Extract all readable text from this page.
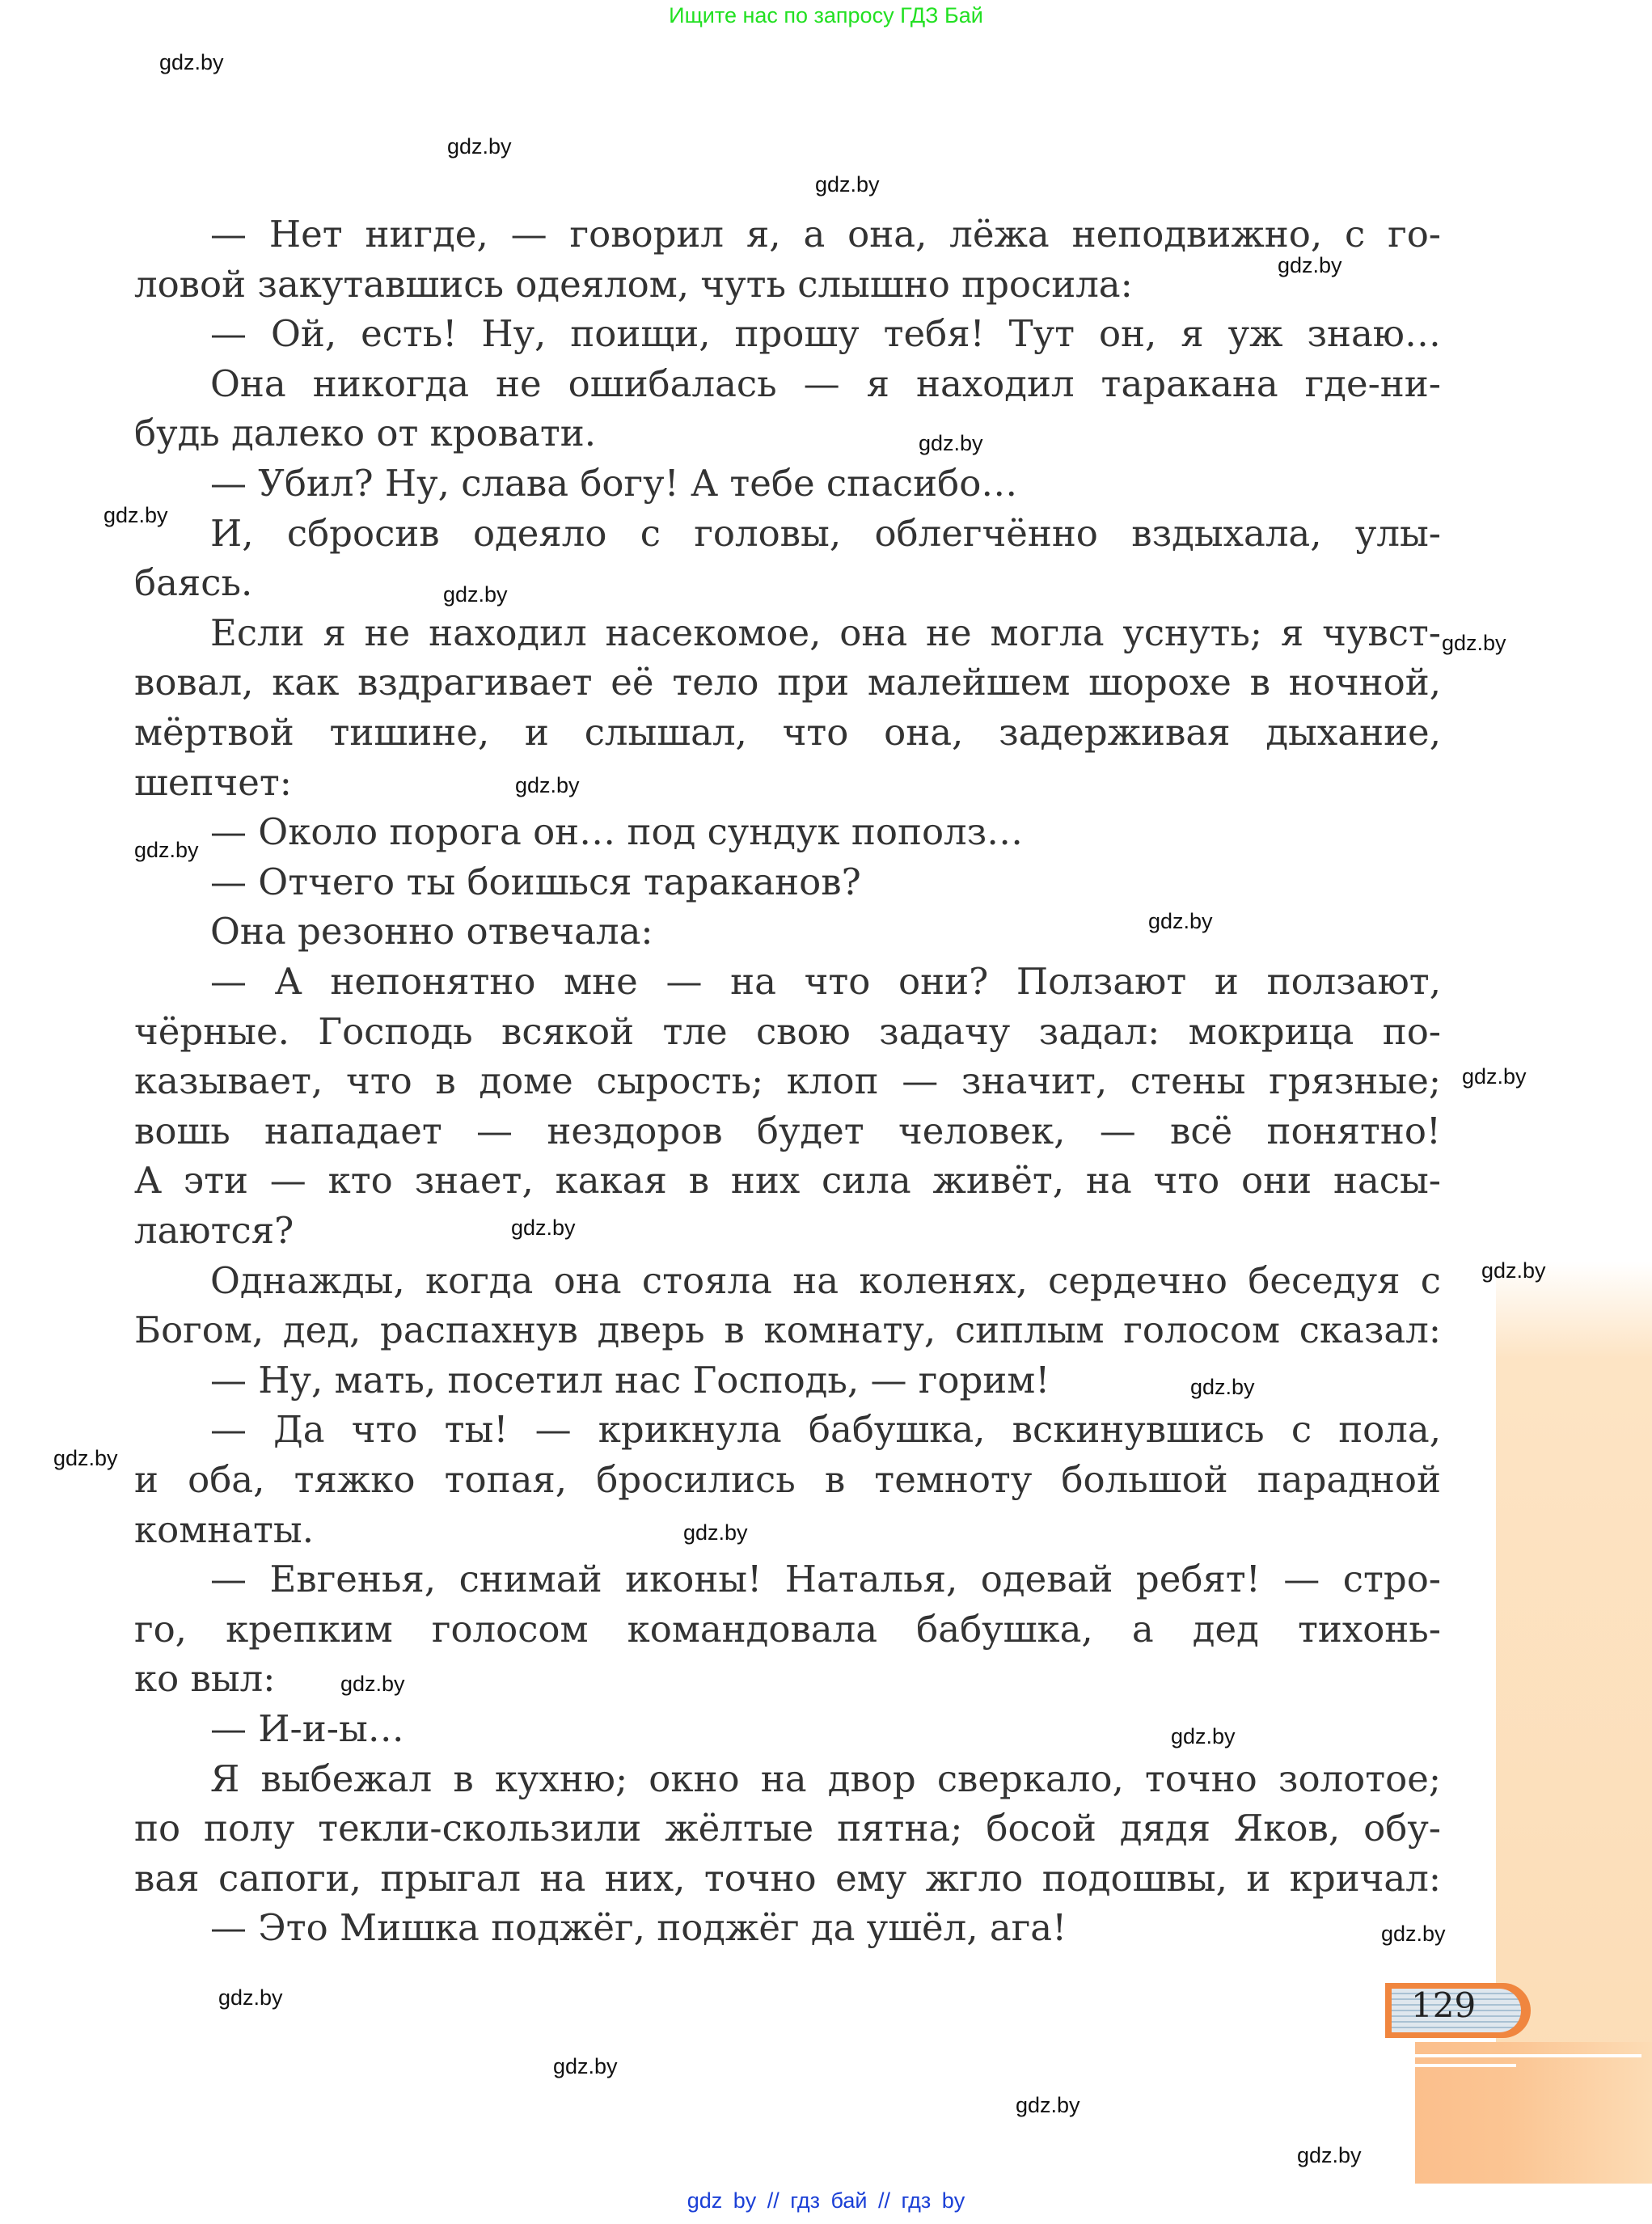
Ищите нас по запросу ГДЗ Бай
129
— Нет нигде, — говорил я, а она, лёжа неподвижно, с го-
ловой закутавшись одеялом, чуть слышно просила:
— Ой, есть! Ну, поищи, прошу тебя! Тут он, я уж знаю…
Она никогда не ошибалась — я находил таракана где-ни-
будь далеко от кровати.
— Убил? Ну, слава богу! А тебе спасибо…
И, сбросив одеяло с головы, облегчённо вздыхала, улы-
баясь.
Если я не находил насекомое, она не могла уснуть; я чувст-
вовал, как вздрагивает её тело при малейшем шорохе в ночной,
мёртвой тишине, и слышал, что она, задерживая дыхание,
шепчет:
— Около порога он… под сундук пополз…
— Отчего ты боишься тараканов?
Она резонно отвечала:
— А непонятно мне — на что они? Ползают и ползают,
чёрные. Господь всякой тле свою задачу задал: мокрица по-
казывает, что в доме сырость; клоп — значит, стены грязные;
вошь нападает — нездоров будет человек, — всё понятно!
А эти — кто знает, какая в них сила живёт, на что они насы-
лаются?
Однажды, когда она стояла на коленях, сердечно беседуя с
Богом, дед, распахнув дверь в комнату, сиплым голосом сказал:
— Ну, мать, посетил нас Господь, — горим!
— Да что ты! — крикнула бабушка, вскинувшись с пола,
и оба, тяжко топая, бросились в темноту большой парадной
комнаты.
— Евгенья, снимай иконы! Наталья, одевай ребят! — стро-
го, крепким голосом командовала бабушка, а дед тихонь-
ко выл:
— И-и-ы…
Я выбежал в кухню; окно на двор сверкало, точно золотое;
по полу текли-скользили жёлтые пятна; босой дядя Яков, обу-
вая сапоги, прыгал на них, точно ему жгло подошвы, и кричал:
— Это Мишка поджёг, поджёг да ушёл, ага!
gdz.by
gdz.by
gdz.by
gdz.by
gdz.by
gdz.by
gdz.by
gdz.by
gdz.by
gdz.by
gdz.by
gdz.by
gdz.by
gdz.by
gdz.by
gdz.by
gdz.by
gdz.by
gdz.by
gdz.by
gdz.by
gdz.by
gdz.by
gdz.by
gdz by // гдз бай // гдз by
